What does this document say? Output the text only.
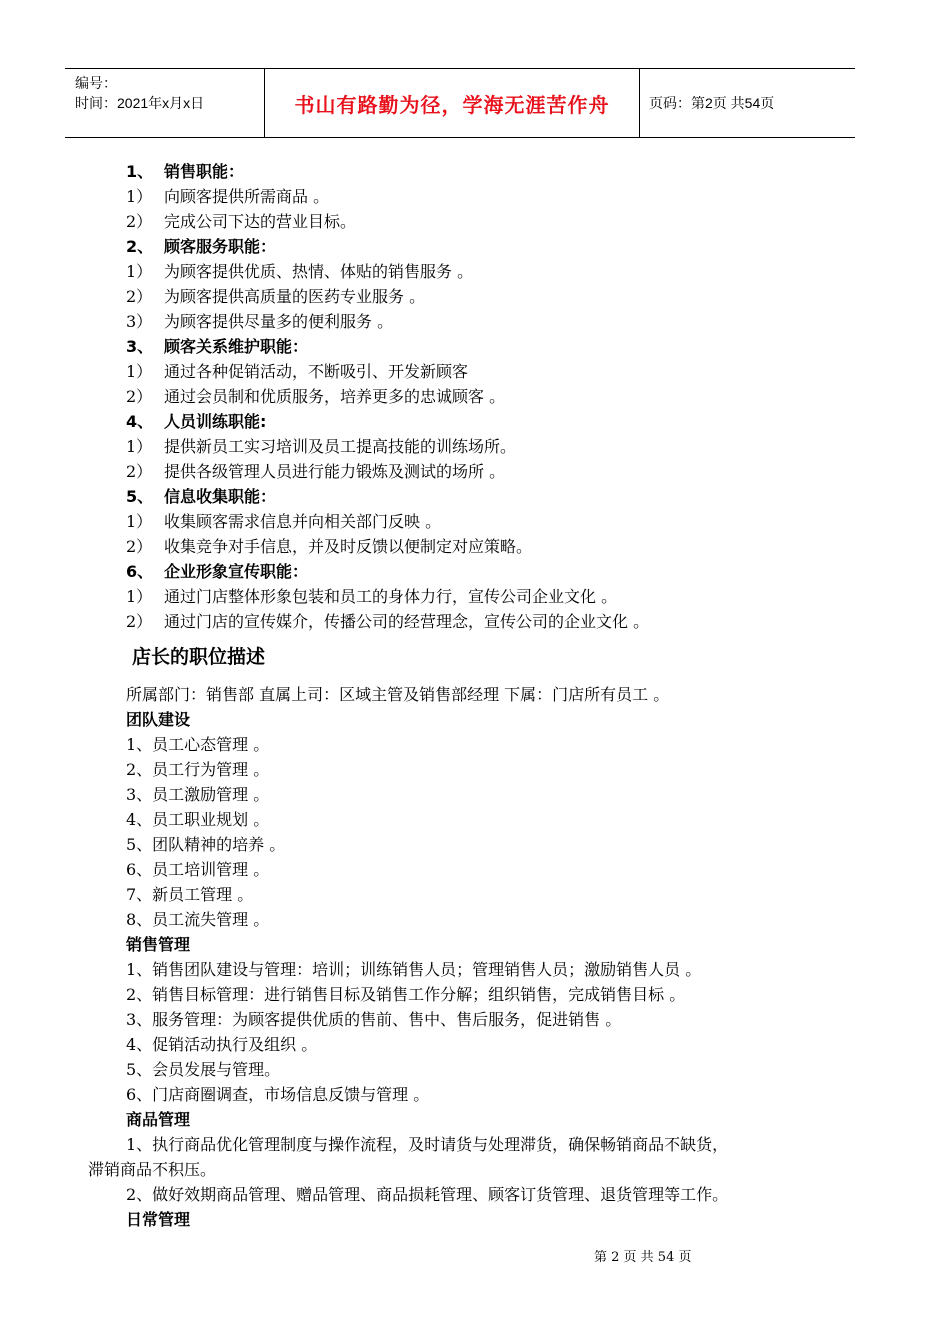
编号：
时间：2021年x月x日	书山有路勤为径，学海无涯苦作舟	页码：第2页 共54页
1、 销售职能：
1） 向顾客提供所需商品 。
2） 完成公司下达的营业目标。
2、 顾客服务职能：
1） 为顾客提供优质、热情、体贴的销售服务 。
2） 为顾客提供高质量的医药专业服务 。
3） 为顾客提供尽量多的便利服务 。
3、 顾客关系维护职能：
1） 通过各种促销活动，不断吸引、开发新顾客
2） 通过会员制和优质服务，培养更多的忠诚顾客 。
4、 人员训练职能:
1） 提供新员工实习培训及员工提高技能的训练场所。
2） 提供各级管理人员进行能力锻炼及测试的场所 。
5、 信息收集职能：
1） 收集顾客需求信息并向相关部门反映 。
2） 收集竞争对手信息，并及时反馈以便制定对应策略。
6、 企业形象宣传职能：
1） 通过门店整体形象包装和员工的身体力行，宣传公司企业文化 。
2） 通过门店的宣传媒介，传播公司的经营理念，宣传公司的企业文化 。
店长的职位描述
所属部门：销售部 直属上司：区域主管及销售部经理 下属：门店所有员工 。
团队建设
1、员工心态管理 。
2、员工行为管理 。
3、员工激励管理 。
4、员工职业规划 。
5、团队精神的培养 。
6、员工培训管理 。
7、新员工管理 。
8、员工流失管理 。
销售管理
1、销售团队建设与管理：培训；训练销售人员；管理销售人员；激励销售人员 。
2、销售目标管理：进行销售目标及销售工作分解；组织销售，完成销售目标 。
3、服务管理：为顾客提供优质的售前、售中、售后服务，促进销售 。
4、促销活动执行及组织 。
5、会员发展与管理。
6、门店商圈调查，市场信息反馈与管理 。
商品管理
1、执行商品优化管理制度与操作流程，及时请货与处理滞货，确保畅销商品不缺货，
滞销商品不积压。
2、做好效期商品管理、赠品管理、商品损耗管理、顾客订货管理、退货管理等工作。
日常管理
第 2 页 共 54 页
